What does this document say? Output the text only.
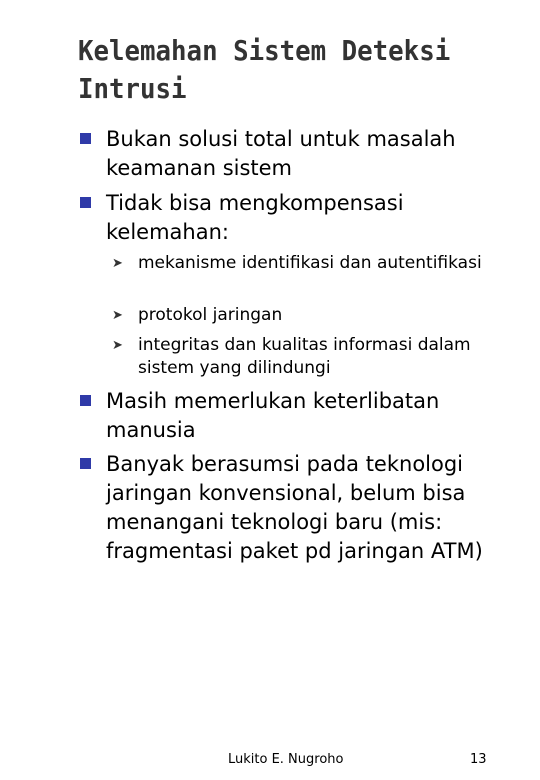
Kelemahan Sistem Deteksi Intrusi
Bukan solusi total untuk masalah keamanan sistem
Tidak bisa mengkompensasi kelemahan:
➤ mekanisme identifikasi dan autentifikasi
➤ protokol jaringan
➤ integritas dan kualitas informasi dalam sistem yang dilindungi
Masih memerlukan keterlibatan manusia
Banyak berasumsi pada teknologi jaringan konvensional, belum bisa menangani teknologi baru (mis: fragmentasi paket pd jaringan ATM)
Lukito E. Nugroho	13
